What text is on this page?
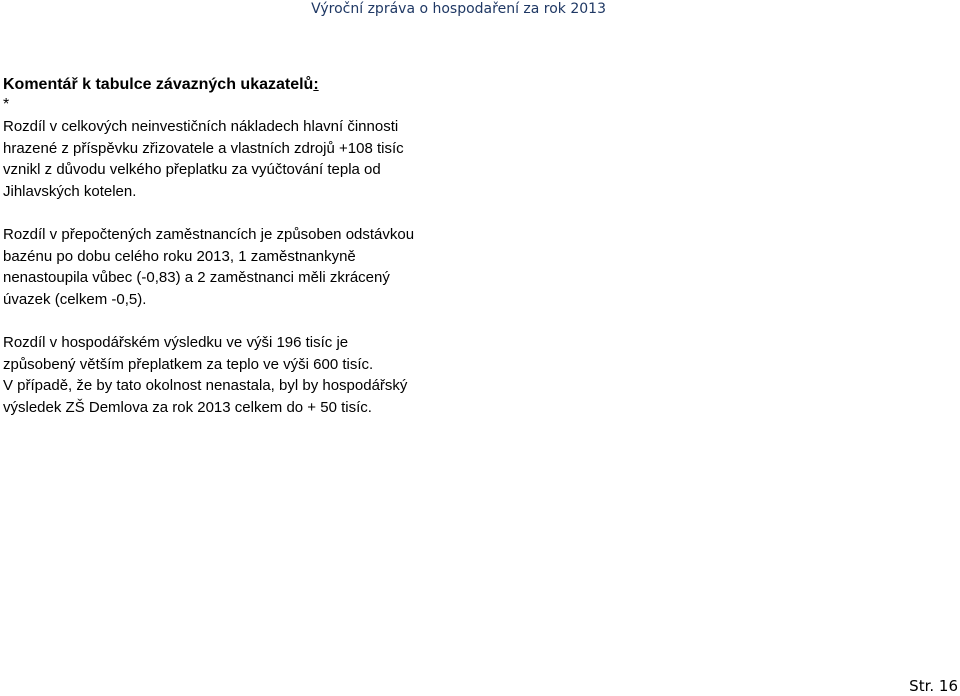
Výroční zpráva o hospodaření za rok 2013

Komentář k tabulce závazných ukazatelů:

*

Rozdíl v celkových neinvestičních nákladech hlavní činnosti hrazené z příspěvku zřizovatele a vlastních zdrojů +108 tisíc vznikl z důvodu velkého přeplatku za vyúčtování tepla od Jihlavských kotelen.

Rozdíl v přepočtených zaměstnancích je způsoben odstávkou bazénu po dobu celého roku 2013, 1 zaměstnankyně nenastoupila vůbec (-0,83) a 2 zaměstnanci měli zkrácený úvazek (celkem -0,5).

Rozdíl v hospodářském výsledku ve výši 196 tisíc je způsobený větším přeplatkem za teplo ve výši 600 tisíc.

V případě, že by tato okolnost nenastala, byl by hospodářský výsledek ZŠ Demlova za rok 2013 celkem do + 50 tisíc.

Str. 16
